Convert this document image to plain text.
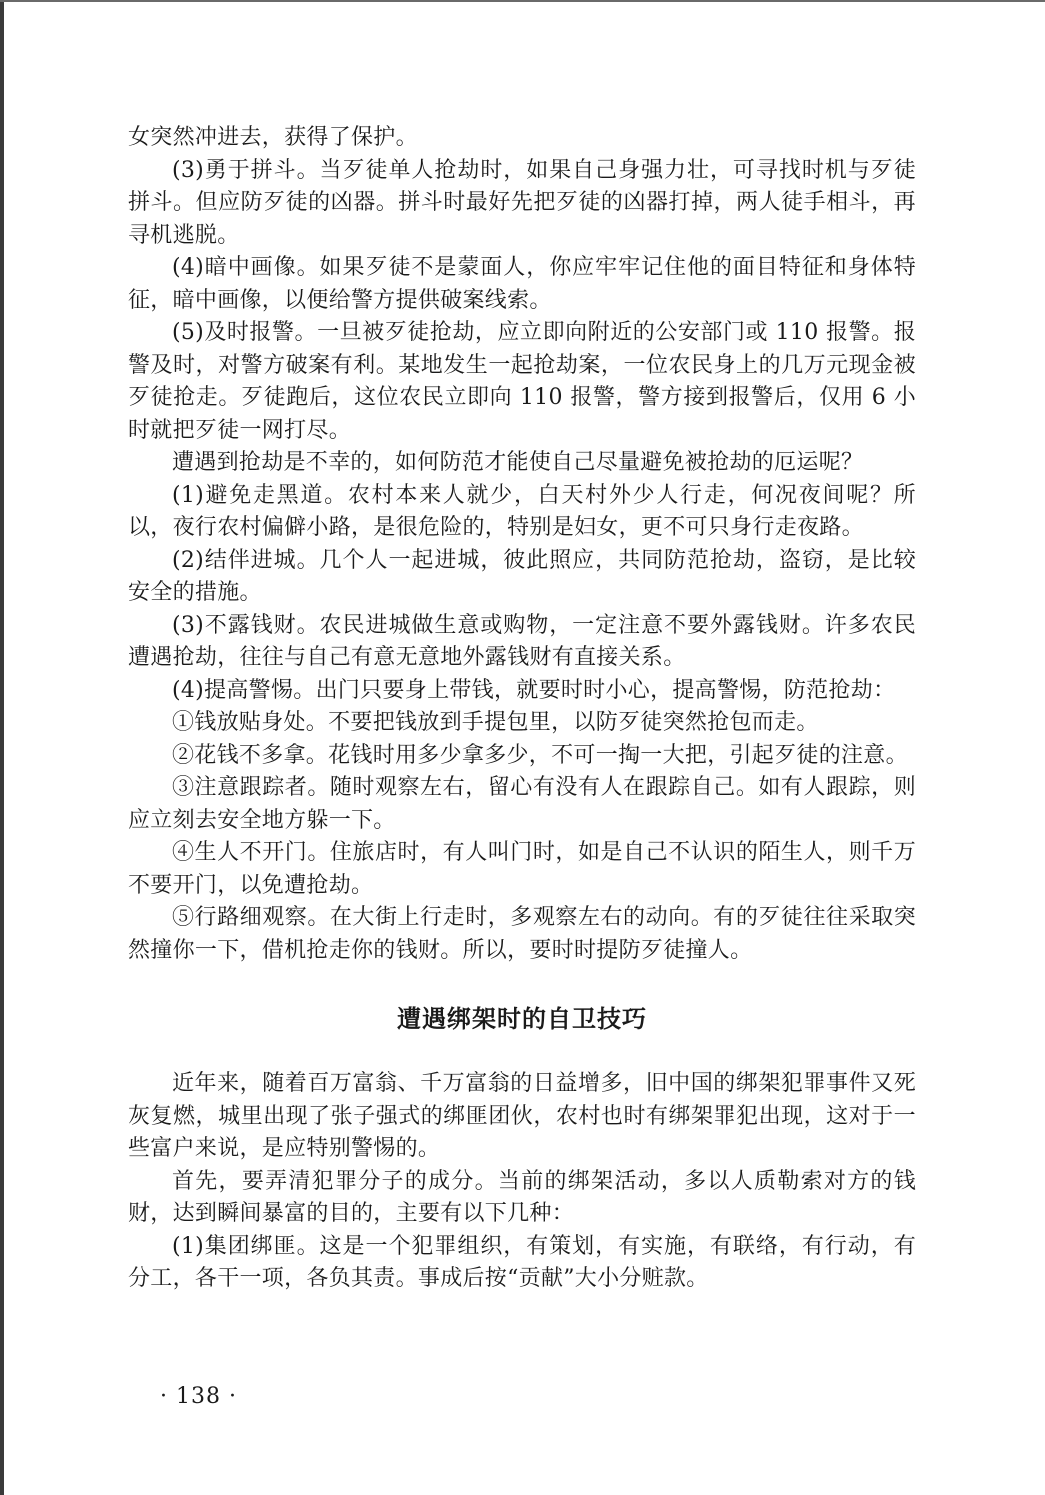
女突然冲进去，获得了保护。

(3)勇于拼斗。当歹徒单人抢劫时，如果自己身强力壮，可寻找时机与歹徒拼斗。但应防歹徒的凶器。拼斗时最好先把歹徒的凶器打掉，两人徒手相斗，再寻机逃脱。

(4)暗中画像。如果歹徒不是蒙面人，你应牢牢记住他的面目特征和身体特征，暗中画像，以便给警方提供破案线索。

(5)及时报警。一旦被歹徒抢劫，应立即向附近的公安部门或 110 报警。报警及时，对警方破案有利。某地发生一起抢劫案，一位农民身上的几万元现金被歹徒抢走。歹徒跑后，这位农民立即向 110 报警，警方接到报警后，仅用 6 小时就把歹徒一网打尽。

遭遇到抢劫是不幸的，如何防范才能使自己尽量避免被抢劫的厄运呢？

(1)避免走黑道。农村本来人就少，白天村外少人行走，何况夜间呢？所以，夜行农村偏僻小路，是很危险的，特别是妇女，更不可只身行走夜路。

(2)结伴进城。几个人一起进城，彼此照应，共同防范抢劫，盗窃，是比较安全的措施。

(3)不露钱财。农民进城做生意或购物，一定注意不要外露钱财。许多农民遭遇抢劫，往往与自己有意无意地外露钱财有直接关系。

(4)提高警惕。出门只要身上带钱，就要时时小心，提高警惕，防范抢劫：

①钱放贴身处。不要把钱放到手提包里，以防歹徒突然抢包而走。

②花钱不多拿。花钱时用多少拿多少，不可一掏一大把，引起歹徒的注意。

③注意跟踪者。随时观察左右，留心有没有人在跟踪自己。如有人跟踪，则应立刻去安全地方躲一下。

④生人不开门。住旅店时，有人叫门时，如是自己不认识的陌生人，则千万不要开门，以免遭抢劫。

⑤行路细观察。在大街上行走时，多观察左右的动向。有的歹徒往往采取突然撞你一下，借机抢走你的钱财。所以，要时时提防歹徒撞人。

遭遇绑架时的自卫技巧

近年来，随着百万富翁、千万富翁的日益增多，旧中国的绑架犯罪事件又死灰复燃，城里出现了张子强式的绑匪团伙，农村也时有绑架罪犯出现，这对于一些富户来说，是应特别警惕的。

首先，要弄清犯罪分子的成分。当前的绑架活动，多以人质勒索对方的钱财，达到瞬间暴富的目的，主要有以下几种：

(1)集团绑匪。这是一个犯罪组织，有策划，有实施，有联络，有行动，有分工，各干一项，各负其责。事成后按“贡献”大小分赃款。

· 138 ·
